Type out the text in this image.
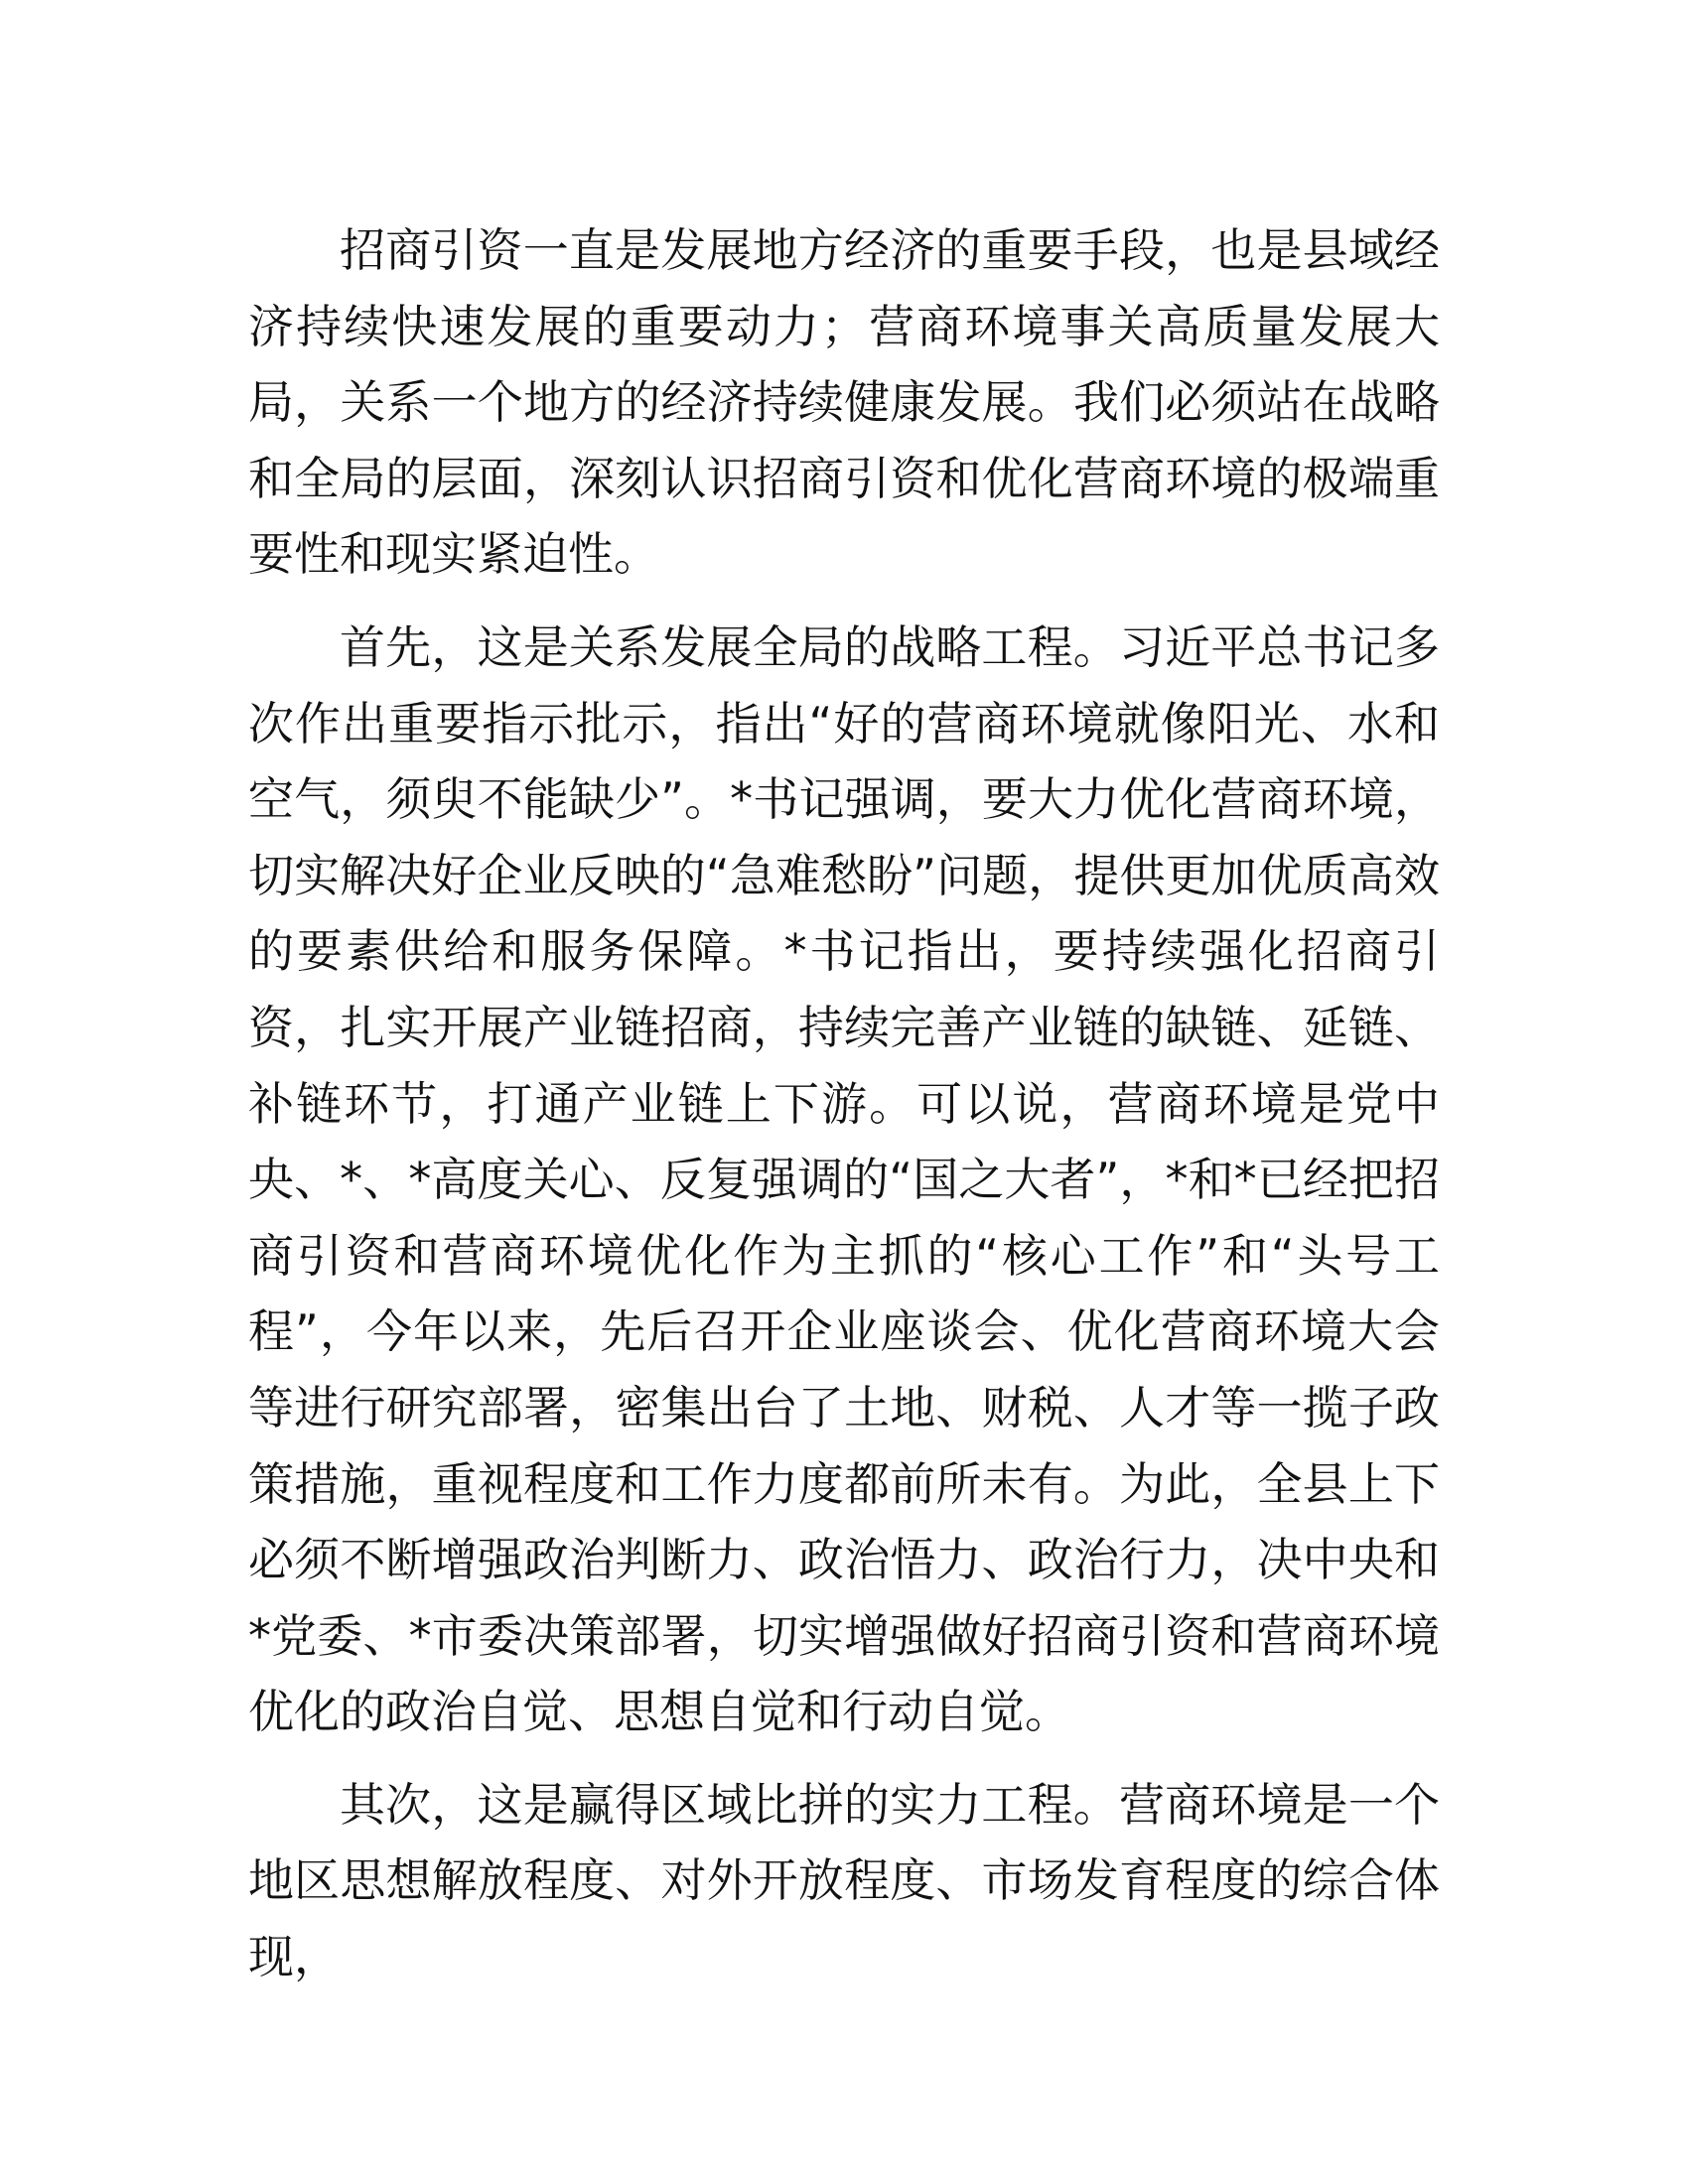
招商引资一直是发展地方经济的重要手段，也是县域经济持续快速发展的重要动力；营商环境事关高质量发展大局，关系一个地方的经济持续健康发展。我们必须站在战略和全局的层面，深刻认识招商引资和优化营商环境的极端重要性和现实紧迫性。

首先，这是关系发展全局的战略工程。习近平总书记多次作出重要指示批示，指出“好的营商环境就像阳光、水和空气，须臾不能缺少”。*书记强调，要大力优化营商环境，切实解决好企业反映的“急难愁盼”问题，提供更加优质高效的要素供给和服务保障。*书记指出，要持续强化招商引资，扎实开展产业链招商，持续完善产业链的缺链、延链、补链环节，打通产业链上下游。可以说，营商环境是党中央、*、*高度关心、反复强调的“国之大者”，*和*已经把招商引资和营商环境优化作为主抓的“核心工作”和“头号工程”，今年以来，先后召开企业座谈会、优化营商环境大会等进行研究部署，密集出台了土地、财税、人才等一揽子政策措施，重视程度和工作力度都前所未有。为此，全县上下必须不断增强政治判断力、政治悟力、政治行力，决中央和*党委、*市委决策部署，切实增强做好招商引资和营商环境优化的政治自觉、思想自觉和行动自觉。

其次，这是赢得区域比拼的实力工程。营商环境是一个地区思想解放程度、对外开放程度、市场发育程度的综合体现，
